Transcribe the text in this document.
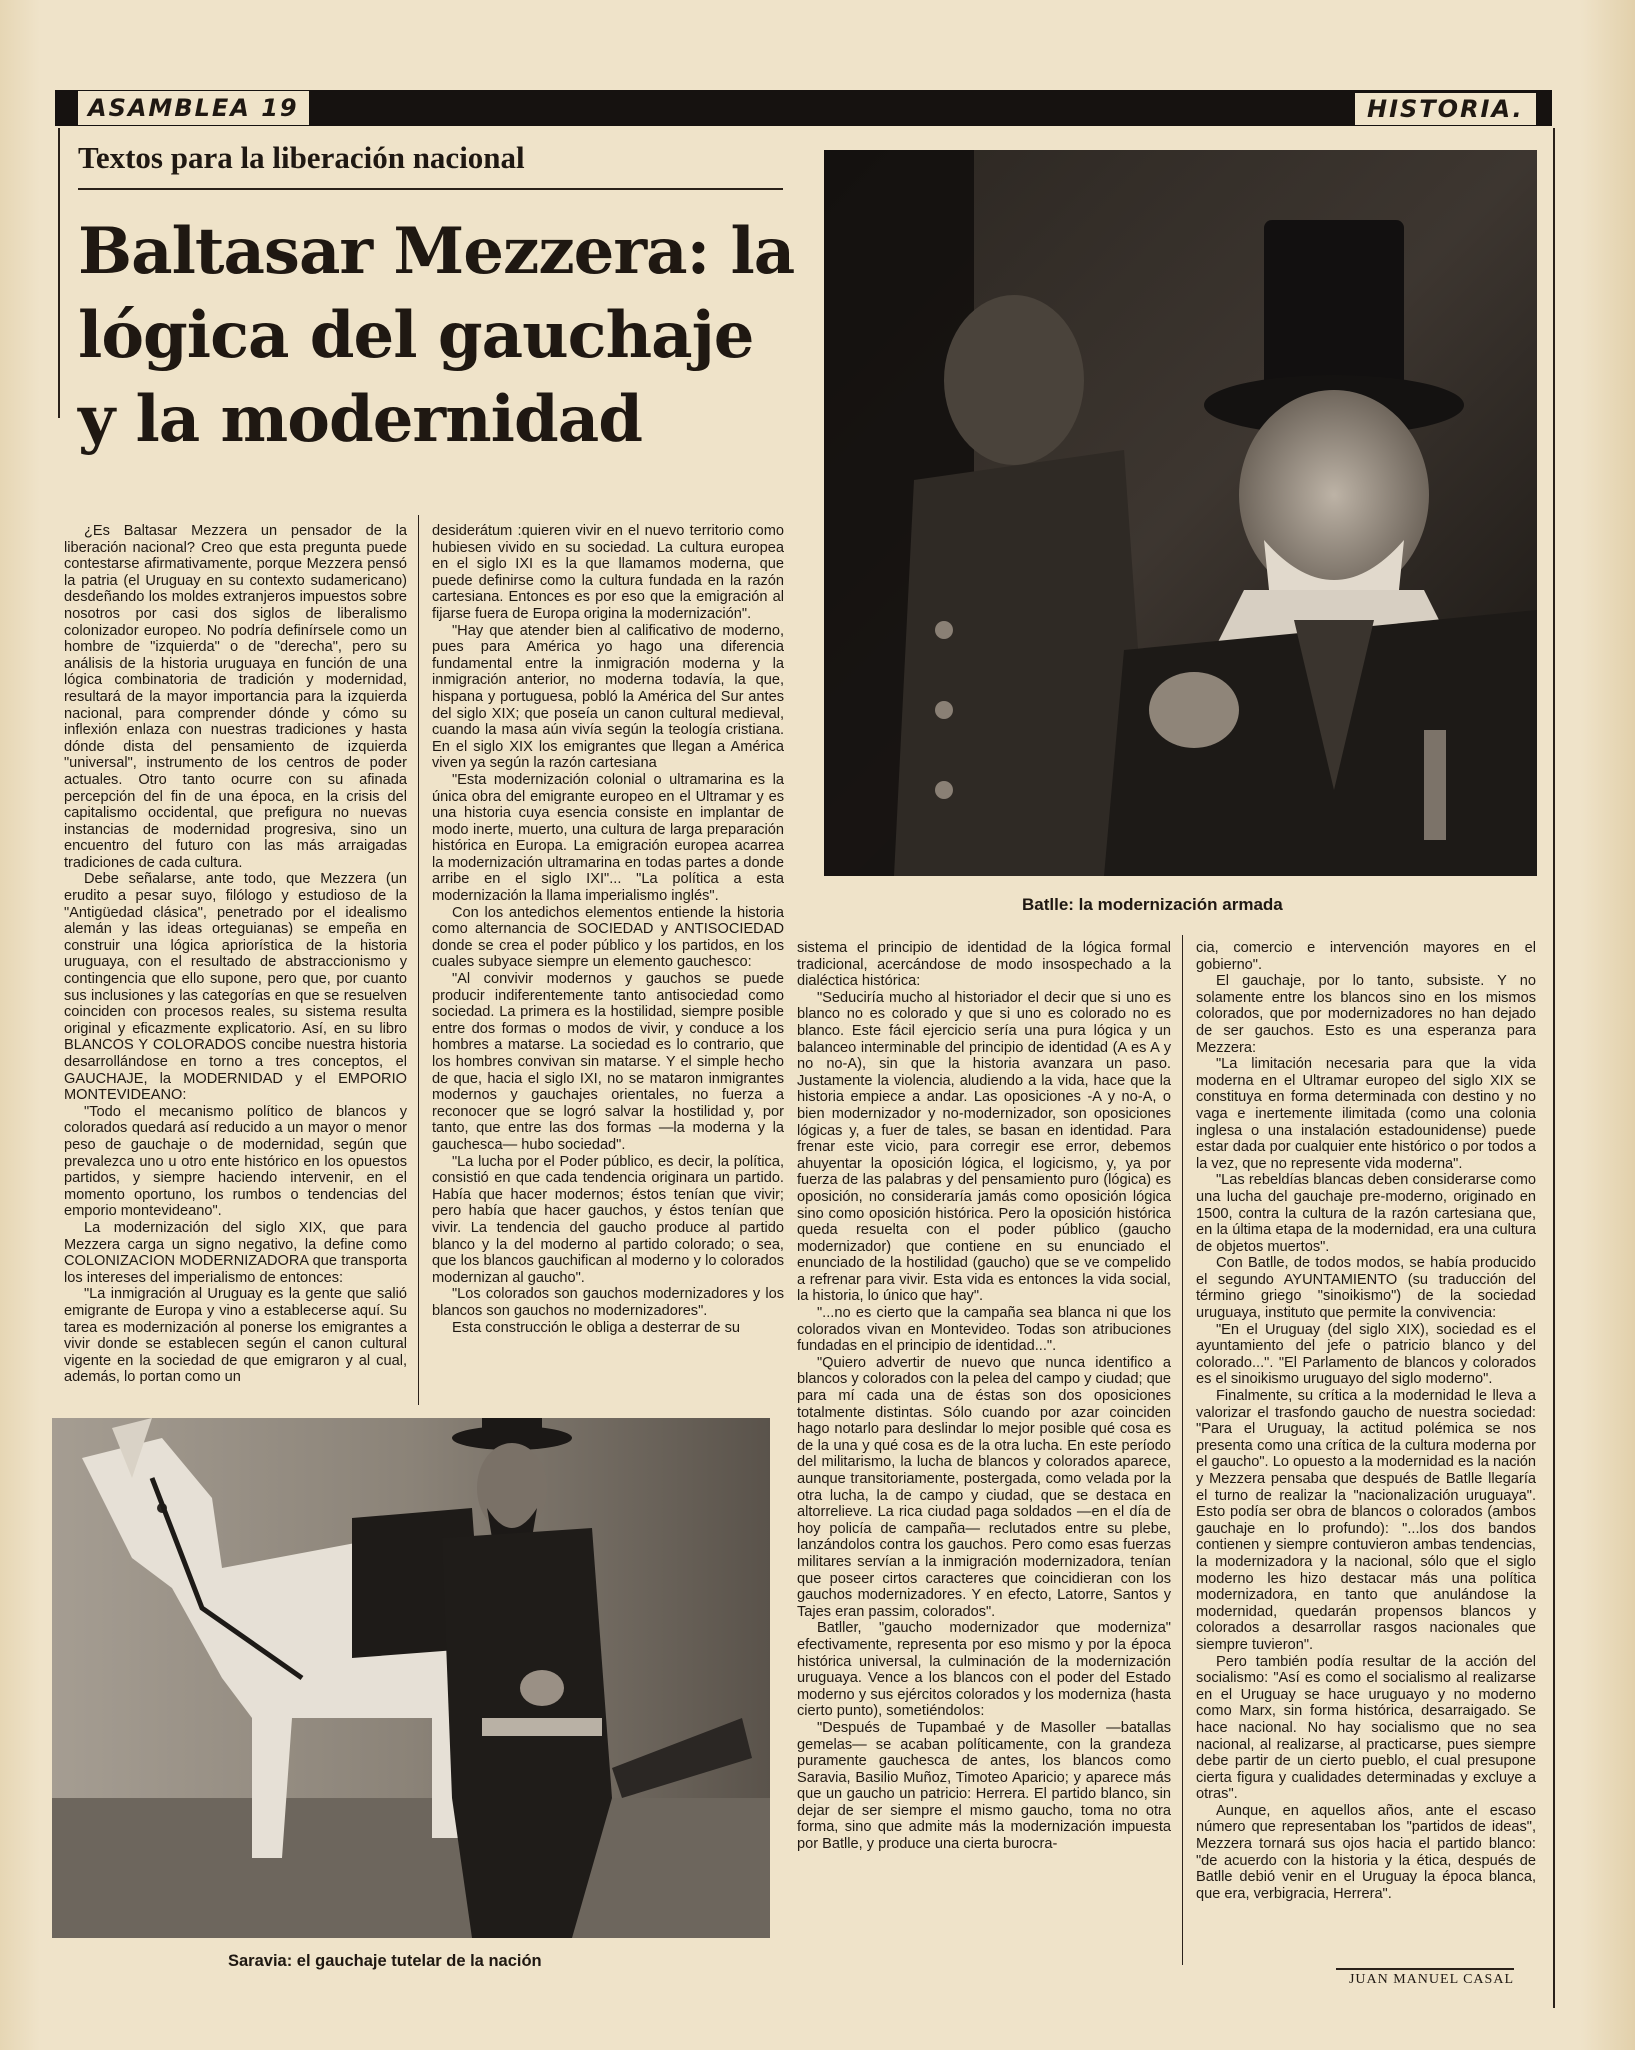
ASAMBLEA 19	HISTORIA.
Textos para la liberación nacional
Baltasar Mezzera: la lógica del gauchaje y la modernidad
Batlle: la modernización armada
Saravia: el gauchaje tutelar de la nación

¿Es Baltasar Mezzera un pensador de la liberación nacional? Creo que esta pregunta puede contestarse afirmativamente, porque Mezzera pensó la patria (el Uruguay en su contexto sudamericano) desdeñando los moldes extranjeros impuestos sobre nosotros por casi dos siglos de liberalismo colonizador europeo. No podría definírsele como un hombre de "izquierda" o de "derecha", pero su análisis de la historia uruguaya en función de una lógica combinatoria de tradición y modernidad, resultará de la mayor importancia para la izquierda nacional, para comprender dónde y cómo su inflexión enlaza con nuestras tradiciones y hasta dónde dista del pensamiento de izquierda "universal", instrumento de los centros de poder actuales. Otro tanto ocurre con su afinada percepción del fin de una época, en la crisis del capitalismo occidental, que prefigura no nuevas instancias de modernidad progresiva, sino un encuentro del futuro con las más arraigadas tradiciones de cada cultura.

Debe señalarse, ante todo, que Mezzera (un erudito a pesar suyo, filólogo y estudioso de la "Antigüedad clásica", penetrado por el idealismo alemán y las ideas orteguianas) se empeña en construir una lógica apriorística de la historia uruguaya, con el resultado de abstraccionismo y contingencia que ello supone, pero que, por cuanto sus inclusiones y las categorías en que se resuelven coinciden con procesos reales, su sistema resulta original y eficazmente explicatorio. Así, en su libro BLANCOS Y COLORADOS concibe nuestra historia desarrollándose en torno a tres conceptos, el GAUCHAJE, la MODERNIDAD y el EMPORIO MONTEVIDEANO:

"Todo el mecanismo político de blancos y colorados quedará así reducido a un mayor o menor peso de gauchaje o de modernidad, según que prevalezca uno u otro ente histórico en los opuestos partidos, y siempre haciendo intervenir, en el momento oportuno, los rumbos o tendencias del emporio montevideano".

La modernización del siglo XIX, que para Mezzera carga un signo negativo, la define como COLONIZACION MODERNIZADORA que transporta los intereses del imperialismo de entonces:

"La inmigración al Uruguay es la gente que salió emigrante de Europa y vino a establecerse aquí. Su tarea es modernización al ponerse los emigrantes a vivir donde se establecen según el canon cultural vigente en la sociedad de que emigraron y al cual, además, lo portan como un

desiderátum :quieren vivir en el nuevo territorio como hubiesen vivido en su sociedad. La cultura europea en el siglo IXI es la que llamamos moderna, que puede definirse como la cultura fundada en la razón cartesiana. Entonces es por eso que la emigración al fijarse fuera de Europa origina la modernización".

"Hay que atender bien al calificativo de moderno, pues para América yo hago una diferencia fundamental entre la inmigración moderna y la inmigración anterior, no moderna todavía, la que, hispana y portuguesa, pobló la América del Sur antes del siglo XIX; que poseía un canon cultural medieval, cuando la masa aún vivía según la teología cristiana. En el siglo XIX los emigrantes que llegan a América viven ya según la razón cartesiana

"Esta modernización colonial o ultramarina es la única obra del emigrante europeo en el Ultramar y es una historia cuya esencia consiste en implantar de modo inerte, muerto, una cultura de larga preparación histórica en Europa. La emigración europea acarrea la modernización ultramarina en todas partes a donde arribe en el siglo IXI"... "La política a esta modernización la llama imperialismo inglés".

Con los antedichos elementos entiende la historia como alternancia de SOCIEDAD y ANTISOCIEDAD donde se crea el poder público y los partidos, en los cuales subyace siempre un elemento gauchesco:

"Al convivir modernos y gauchos se puede producir indiferentemente tanto antisociedad como sociedad. La primera es la hostilidad, siempre posible entre dos formas o modos de vivir, y conduce a los hombres a matarse. La sociedad es lo contrario, que los hombres convivan sin matarse. Y el simple hecho de que, hacia el siglo IXI, no se mataron inmigrantes modernos y gauchajes orientales, no fuerza a reconocer que se logró salvar la hostilidad y, por tanto, que entre las dos formas —la moderna y la gauchesca— hubo sociedad".

"La lucha por el Poder público, es decir, la política, consistió en que cada tendencia originara un partido. Había que hacer modernos; éstos tenían que vivir; pero había que hacer gauchos, y éstos tenían que vivir. La tendencia del gaucho produce al partido blanco y la del moderno al partido colorado; o sea, que los blancos gauchifican al moderno y lo colorados modernizan al gaucho".

"Los colorados son gauchos modernizadores y los blancos son gauchos no modernizadores".

Esta construcción le obliga a desterrar de su

sistema el principio de identidad de la lógica formal tradicional, acercándose de modo insospechado a la dialéctica histórica:

"Seduciría mucho al historiador el decir que si uno es blanco no es colorado y que si uno es colorado no es blanco. Este fácil ejercicio sería una pura lógica y un balanceo interminable del principio de identidad (A es A y no no-A), sin que la historia avanzara un paso. Justamente la violencia, aludiendo a la vida, hace que la historia empiece a andar. Las oposiciones -A y no-A, o bien modernizador y no-modernizador, son oposiciones lógicas y, a fuer de tales, se basan en identidad. Para frenar este vicio, para corregir ese error, debemos ahuyentar la oposición lógica, el logicismo, y, ya por fuerza de las palabras y del pensamiento puro (lógica) es oposición, no consideraría jamás como oposición lógica sino como oposición histórica. Pero la oposición histórica queda resuelta con el poder público (gaucho modernizador) que contiene en su enunciado el enunciado de la hostilidad (gaucho) que se ve compelido a refrenar para vivir. Esta vida es entonces la vida social, la historia, lo único que hay".

"...no es cierto que la campaña sea blanca ni que los colorados vivan en Montevideo. Todas son atribuciones fundadas en el principio de identidad...".

"Quiero advertir de nuevo que nunca identifico a blancos y colorados con la pelea del campo y ciudad; que para mí cada una de éstas son dos oposiciones totalmente distintas. Sólo cuando por azar coinciden hago notarlo para deslindar lo mejor posible qué cosa es de la una y qué cosa es de la otra lucha. En este período del militarismo, la lucha de blancos y colorados aparece, aunque transitoriamente, postergada, como velada por la otra lucha, la de campo y ciudad, que se destaca en altorrelieve. La rica ciudad paga soldados —en el día de hoy policía de campaña— reclutados entre su plebe, lanzándolos contra los gauchos. Pero como esas fuerzas militares servían a la inmigración modernizadora, tenían que poseer cirtos caracteres que coincidieran con los gauchos modernizadores. Y en efecto, Latorre, Santos y Tajes eran passim, colorados".

Batller, "gaucho modernizador que moderniza" efectivamente, representa por eso mismo y por la época histórica universal, la culminación de la modernización uruguaya. Vence a los blancos con el poder del Estado moderno y sus ejércitos colorados y los moderniza (hasta cierto punto), sometiéndolos:

"Después de Tupambaé y de Masoller —batallas gemelas— se acaban políticamente, con la grandeza puramente gauchesca de antes, los blancos como Saravia, Basilio Muñoz, Timoteo Aparicio; y aparece más que un gaucho un patricio: Herrera. El partido blanco, sin dejar de ser siempre el mismo gaucho, toma no otra forma, sino que admite más la modernización impuesta por Batlle, y produce una cierta burocra-

cia, comercio e intervención mayores en el gobierno".

El gauchaje, por lo tanto, subsiste. Y no solamente entre los blancos sino en los mismos colorados, que por modernizadores no han dejado de ser gauchos. Esto es una esperanza para Mezzera:

"La limitación necesaria para que la vida moderna en el Ultramar europeo del siglo XIX se constituya en forma determinada con destino y no vaga e inertemente ilimitada (como una colonia inglesa o una instalación estadounidense) puede estar dada por cualquier ente histórico o por todos a la vez, que no represente vida moderna".

"Las rebeldías blancas deben considerarse como una lucha del gauchaje pre-moderno, originado en 1500, contra la cultura de la razón cartesiana que, en la última etapa de la modernidad, era una cultura de objetos muertos".

Con Batlle, de todos modos, se había producido el segundo AYUNTAMIENTO (su traducción del término griego "sinoikismo") de la sociedad uruguaya, instituto que permite la convivencia:

"En el Uruguay (del siglo XIX), sociedad es el ayuntamiento del jefe o patricio blanco y del colorado...". "El Parlamento de blancos y colorados es el sinoikismo uruguayo del siglo moderno".

Finalmente, su crítica a la modernidad le lleva a valorizar el trasfondo gaucho de nuestra sociedad: "Para el Uruguay, la actitud polémica se nos presenta como una crítica de la cultura moderna por el gaucho". Lo opuesto a la modernidad es la nación y Mezzera pensaba que después de Batlle llegaría el turno de realizar la "nacionalización uruguaya". Esto podía ser obra de blancos o colorados (ambos gauchaje en lo profundo): "...los dos bandos contienen y siempre contuvieron ambas tendencias, la modernizadora y la nacional, sólo que el siglo moderno les hizo destacar más una política modernizadora, en tanto que anulándose la modernidad, quedarán propensos blancos y colorados a desarrollar rasgos nacionales que siempre tuvieron".

Pero también podía resultar de la acción del socialismo: "Así es como el socialismo al realizarse en el Uruguay se hace uruguayo y no moderno como Marx, sin forma histórica, desarraigado. Se hace nacional. No hay socialismo que no sea nacional, al realizarse, al practicarse, pues siempre debe partir de un cierto pueblo, el cual presupone cierta figura y cualidades determinadas y excluye a otras".

Aunque, en aquellos años, ante el escaso número que representaban los "partidos de ideas", Mezzera tornará sus ojos hacia el partido blanco: "de acuerdo con la historia y la ética, después de Batlle debió venir en el Uruguay la época blanca, que era, verbigracia, Herrera".

JUAN MANUEL CASAL
